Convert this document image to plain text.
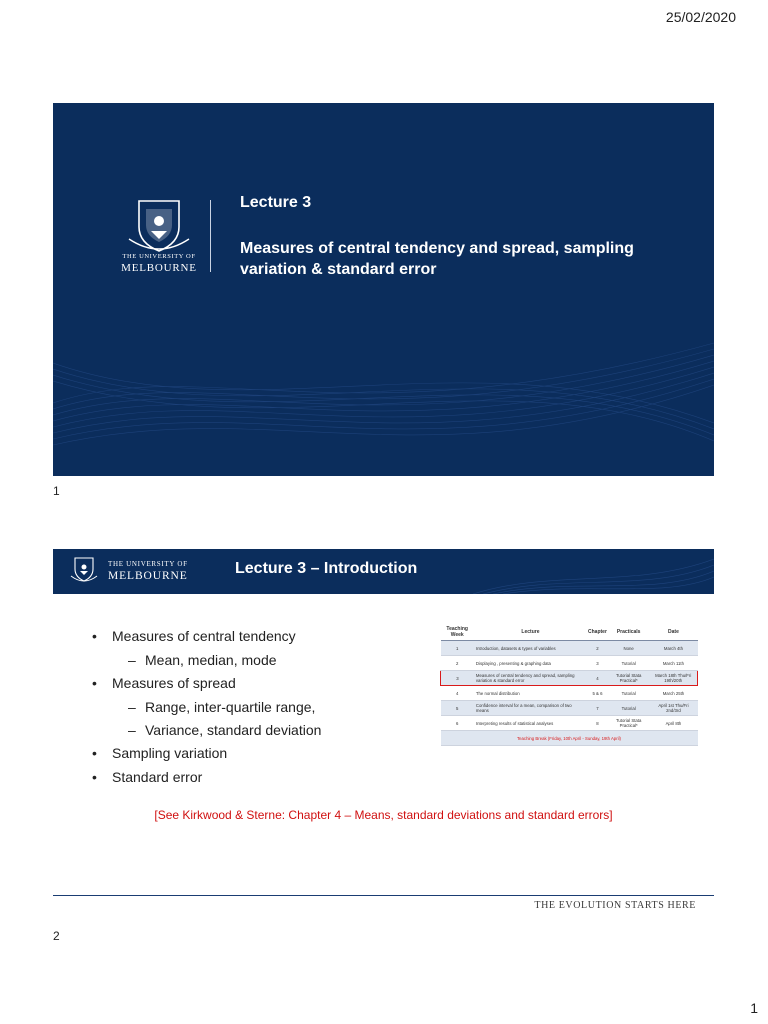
25/02/2020
THE UNIVERSITY OF
MELBOURNE
Lecture 3
Measures of central tendency and spread, sampling variation & standard error
1
THE UNIVERSITY OF
MELBOURNE	Lecture 3 – Introduction
• Measures of central tendency
– Mean, median, mode
• Measures of spread
– Range, inter-quartile range,
– Variance, standard deviation
• Sampling variation
• Standard error
Teaching Week	Lecture	Chapter	Practicals	Date
1	Introduction, datasets & types of variables	2	None	March 4th
2	Displaying , presenting & graphing data	3	Tutorial	March 11th
3	Measures of central tendency and spread, sampling variation & standard error	4	Tutorial Stata Practical*	March 18th Thu/Fri 19th/20th
4	The normal distribution	5 & 6	Tutorial	March 25th
5	Confidence interval for a mean, comparison of two means	7	Tutorial	April 1st Thu/Fri 2nd/3rd
6	Interpreting results of statistical analyses	8	Tutorial Stata Practical*	April 8th
Teaching Break (Friday, 10th April - Sunday, 19th April)				
[See Kirkwood & Sterne: Chapter 4 – Means, standard deviations and standard errors]
THE EVOLUTION STARTS HERE
2
1
